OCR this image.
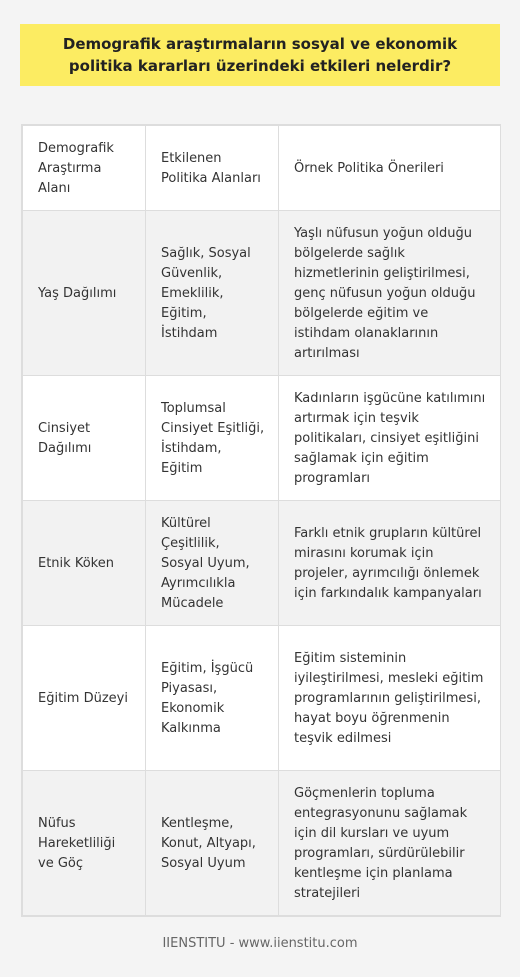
Demografik araştırmaların sosyal ve ekonomik politika kararları üzerindeki etkileri nelerdir?
Demografik Araştırma Alanı	Etkilenen Politika Alanları	Örnek Politika Önerileri
Yaş Dağılımı	Sağlık, Sosyal Güvenlik, Emeklilik, Eğitim, İstihdam	Yaşlı nüfusun yoğun olduğu bölgelerde sağlık hizmetlerinin geliştirilmesi, genç nüfusun yoğun olduğu bölgelerde eğitim ve istihdam olanaklarının artırılması
Cinsiyet Dağılımı	Toplumsal Cinsiyet Eşitliği, İstihdam, Eğitim	Kadınların işgücüne katılımını artırmak için teşvik politikaları, cinsiyet eşitliğini sağlamak için eğitim programları
Etnik Köken	Kültürel Çeşitlilik, Sosyal Uyum, Ayrımcılıkla Mücadele	Farklı etnik grupların kültürel mirasını korumak için projeler, ayrımcılığı önlemek için farkındalık kampanyaları
Eğitim Düzeyi	Eğitim, İşgücü Piyasası, Ekonomik Kalkınma	Eğitim sisteminin iyileştirilmesi, mesleki eğitim programlarının geliştirilmesi, hayat boyu öğrenmenin teşvik edilmesi
Nüfus Hareketliliği ve Göç	Kentleşme, Konut, Altyapı, Sosyal Uyum	Göçmenlerin topluma entegrasyonunu sağlamak için dil kursları ve uyum programları, sürdürülebilir kentleşme için planlama stratejileri
IIENSTITU - www.iienstitu.com
